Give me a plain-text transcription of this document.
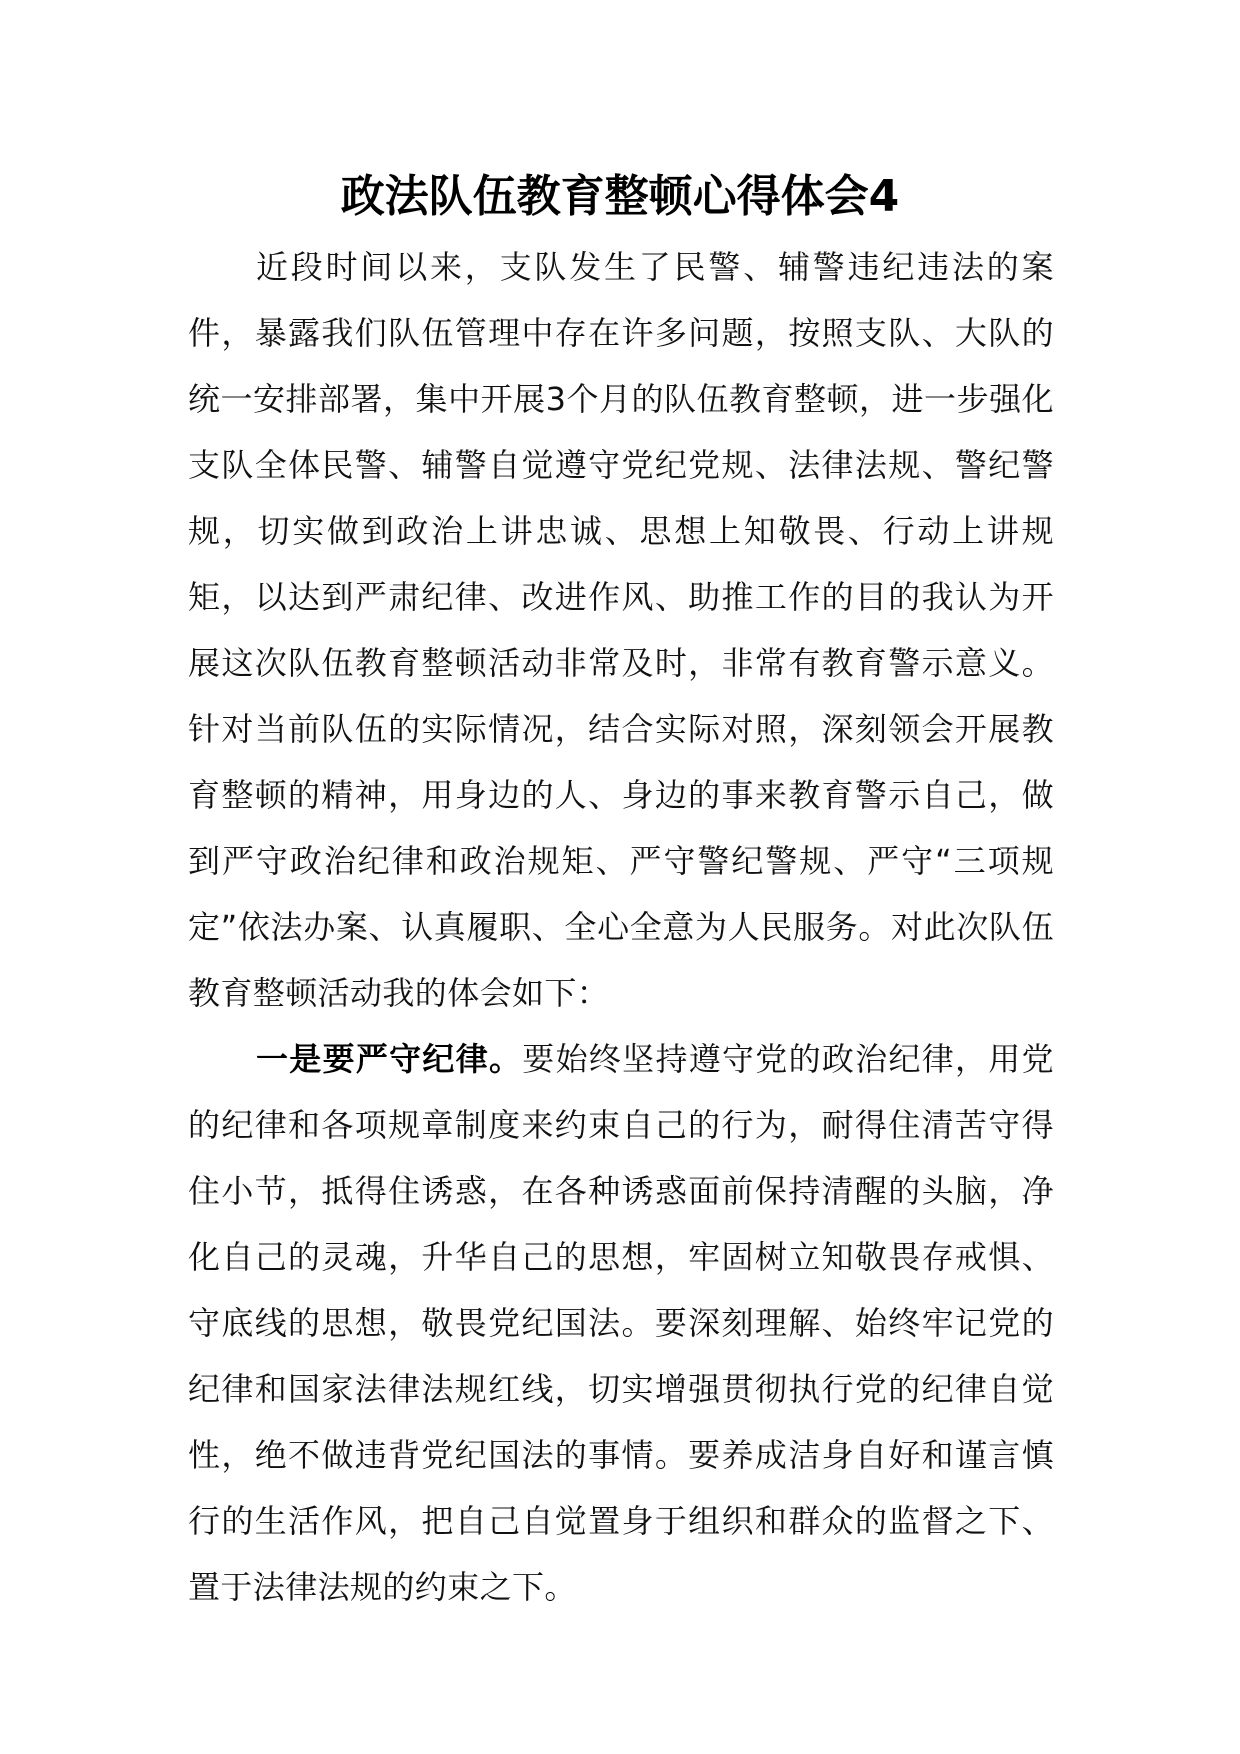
政法队伍教育整顿心得体会4

近段时间以来，支队发生了民警、辅警违纪违法的案件，暴露我们队伍管理中存在许多问题，按照支队、大队的统一安排部署，集中开展3个月的队伍教育整顿，进一步强化支队全体民警、辅警自觉遵守党纪党规、法律法规、警纪警规，切实做到政治上讲忠诚、思想上知敬畏、行动上讲规矩，以达到严肃纪律、改进作风、助推工作的目的我认为开展这次队伍教育整顿活动非常及时，非常有教育警示意义。针对当前队伍的实际情况，结合实际对照，深刻领会开展教育整顿的精神，用身边的人、身边的事来教育警示自己，做到严守政治纪律和政治规矩、严守警纪警规、严守“三项规定”依法办案、认真履职、全心全意为人民服务。对此次队伍教育整顿活动我的体会如下：

一是要严守纪律。要始终坚持遵守党的政治纪律，用党的纪律和各项规章制度来约束自己的行为，耐得住清苦守得住小节，抵得住诱惑，在各种诱惑面前保持清醒的头脑，净化自己的灵魂，升华自己的思想，牢固树立知敬畏存戒惧、守底线的思想，敬畏党纪国法。要深刻理解、始终牢记党的纪律和国家法律法规红线，切实增强贯彻执行党的纪律自觉性，绝不做违背党纪国法的事情。要养成洁身自好和谨言慎行的生活作风，把自己自觉置身于组织和群众的监督之下、置于法律法规的约束之下。
